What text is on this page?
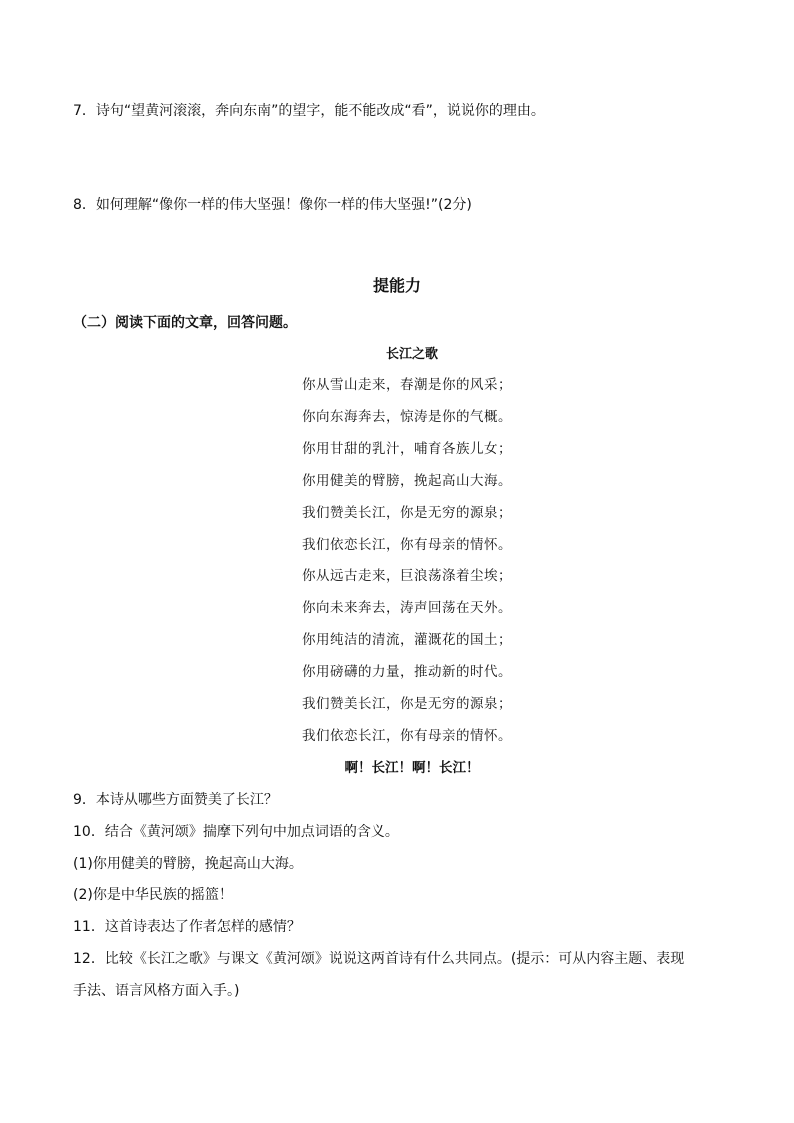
7．诗句“望黄河滚滚，奔向东南”的望字，能不能改成“看”，说说你的理由。
8．如何理解“像你一样的伟大坚强！像你一样的伟大坚强!”(2分)
提能力
（二）阅读下面的文章，回答问题。
长江之歌
你从雪山走来，春潮是你的风采；
你向东海奔去，惊涛是你的气概。
你用甘甜的乳汁，哺育各族儿女；
你用健美的臂膀，挽起高山大海。
我们赞美长江，你是无穷的源泉；
我们依恋长江，你有母亲的情怀。
你从远古走来，巨浪荡涤着尘埃；
你向未来奔去，涛声回荡在天外。
你用纯洁的清流，灌溉花的国土；
你用磅礴的力量，推动新的时代。
我们赞美长江，你是无穷的源泉；
我们依恋长江，你有母亲的情怀。
啊！长江！啊！长江！
9．本诗从哪些方面赞美了长江？
10．结合《黄河颂》揣摩下列句中加点词语的含义。
(1)你用健美的臂膀，挽起高山大海。
(2)你是中华民族的摇篮！
11．这首诗表达了作者怎样的感情？
12．比较《长江之歌》与课文《黄河颂》说说这两首诗有什么共同点。(提示：可从内容主题、表现
手法、语言风格方面入手。)
